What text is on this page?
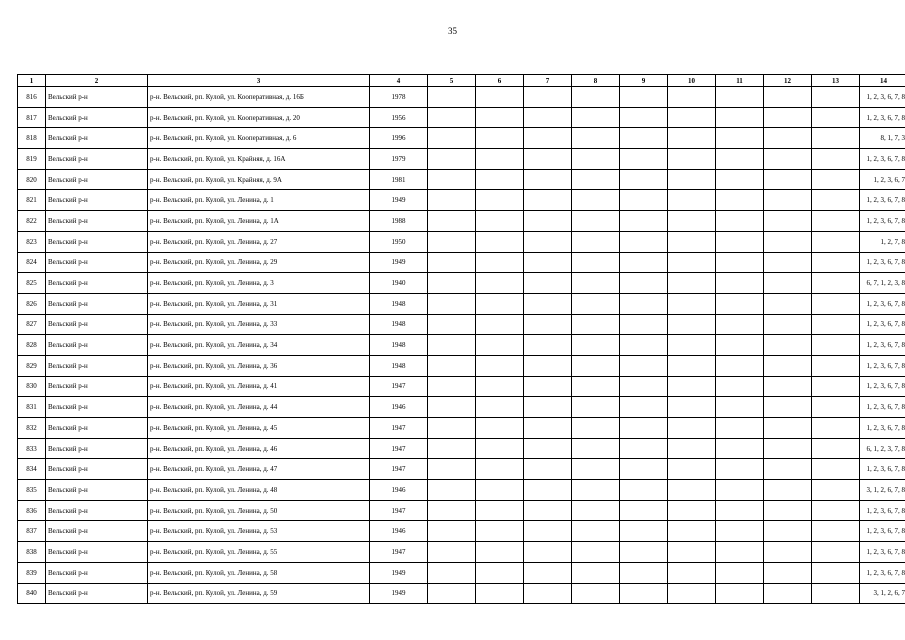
35
1	2	3	4	5	6	7	8	9	10	11	12	13	14
816	Вельский р-н	р-н. Вельский, рп. Кулой, ул. Кооперативная, д. 16Б	1978										1, 2, 3, 6, 7, 8
817	Вельский р-н	р-н. Вельский, рп. Кулой, ул. Кооперативная, д. 20	1956										1, 2, 3, 6, 7, 8
818	Вельский р-н	р-н. Вельский, рп. Кулой, ул. Кооперативная, д. 6	1996										8, 1, 7, 3
819	Вельский р-н	р-н. Вельский, рп. Кулой, ул. Крайняя, д. 16А	1979										1, 2, 3, 6, 7, 8
820	Вельский р-н	р-н. Вельский, рп. Кулой, ул. Крайняя, д. 9А	1981										1, 2, 3, 6, 7
821	Вельский р-н	р-н. Вельский, рп. Кулой, ул. Ленина, д. 1	1949										1, 2, 3, 6, 7, 8
822	Вельский р-н	р-н. Вельский, рп. Кулой, ул. Ленина, д. 1А	1988										1, 2, 3, 6, 7, 8
823	Вельский р-н	р-н. Вельский, рп. Кулой, ул. Ленина, д. 27	1950										1, 2, 7, 8
824	Вельский р-н	р-н. Вельский, рп. Кулой, ул. Ленина, д. 29	1949										1, 2, 3, 6, 7, 8
825	Вельский р-н	р-н. Вельский, рп. Кулой, ул. Ленина, д. 3	1940										6, 7, 1, 2, 3, 8
826	Вельский р-н	р-н. Вельский, рп. Кулой, ул. Ленина, д. 31	1948										1, 2, 3, 6, 7, 8
827	Вельский р-н	р-н. Вельский, рп. Кулой, ул. Ленина, д. 33	1948										1, 2, 3, 6, 7, 8
828	Вельский р-н	р-н. Вельский, рп. Кулой, ул. Ленина, д. 34	1948										1, 2, 3, 6, 7, 8
829	Вельский р-н	р-н. Вельский, рп. Кулой, ул. Ленина, д. 36	1948										1, 2, 3, 6, 7, 8
830	Вельский р-н	р-н. Вельский, рп. Кулой, ул. Ленина, д. 41	1947										1, 2, 3, 6, 7, 8
831	Вельский р-н	р-н. Вельский, рп. Кулой, ул. Ленина, д. 44	1946										1, 2, 3, 6, 7, 8
832	Вельский р-н	р-н. Вельский, рп. Кулой, ул. Ленина, д. 45	1947										1, 2, 3, 6, 7, 8
833	Вельский р-н	р-н. Вельский, рп. Кулой, ул. Ленина, д. 46	1947										6, 1, 2, 3, 7, 8
834	Вельский р-н	р-н. Вельский, рп. Кулой, ул. Ленина, д. 47	1947										1, 2, 3, 6, 7, 8
835	Вельский р-н	р-н. Вельский, рп. Кулой, ул. Ленина, д. 48	1946										3, 1, 2, 6, 7, 8
836	Вельский р-н	р-н. Вельский, рп. Кулой, ул. Ленина, д. 50	1947										1, 2, 3, 6, 7, 8
837	Вельский р-н	р-н. Вельский, рп. Кулой, ул. Ленина, д. 53	1946										1, 2, 3, 6, 7, 8
838	Вельский р-н	р-н. Вельский, рп. Кулой, ул. Ленина, д. 55	1947										1, 2, 3, 6, 7, 8
839	Вельский р-н	р-н. Вельский, рп. Кулой, ул. Ленина, д. 58	1949										1, 2, 3, 6, 7, 8
840	Вельский р-н	р-н. Вельский, рп. Кулой, ул. Ленина, д. 59	1949										3, 1, 2, 6, 7
